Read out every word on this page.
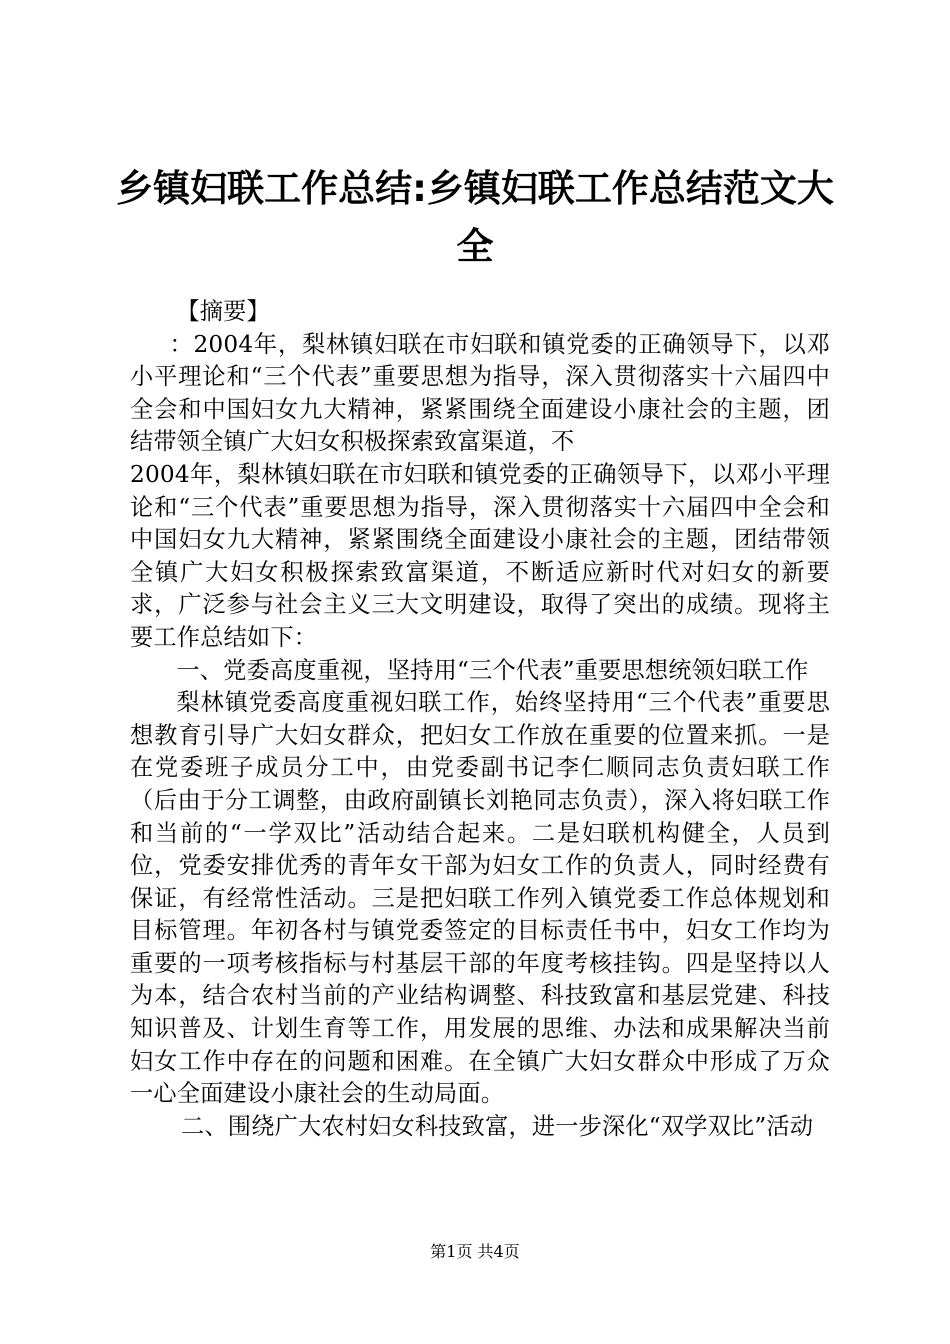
乡镇妇联工作总结:乡镇妇联工作总结范文大全

【摘要】

：2004年，梨林镇妇联在市妇联和镇党委的正确领导下，以邓小平理论和“三个代表”重要思想为指导，深入贯彻落实十六届四中全会和中国妇女九大精神，紧紧围绕全面建设小康社会的主题，团结带领全镇广大妇女积极探索致富渠道，不

2004年，梨林镇妇联在市妇联和镇党委的正确领导下，以邓小平理论和“三个代表”重要思想为指导，深入贯彻落实十六届四中全会和中国妇女九大精神，紧紧围绕全面建设小康社会的主题，团结带领全镇广大妇女积极探索致富渠道，不断适应新时代对妇女的新要求，广泛参与社会主义三大文明建设，取得了突出的成绩。现将主要工作总结如下：

一、党委高度重视，坚持用“三个代表”重要思想统领妇联工作

梨林镇党委高度重视妇联工作，始终坚持用“三个代表”重要思想教育引导广大妇女群众，把妇女工作放在重要的位置来抓。一是在党委班子成员分工中，由党委副书记李仁顺同志负责妇联工作（后由于分工调整，由政府副镇长刘艳同志负责），深入将妇联工作和当前的“一学双比”活动结合起来。二是妇联机构健全，人员到位，党委安排优秀的青年女干部为妇女工作的负责人，同时经费有保证，有经常性活动。三是把妇联工作列入镇党委工作总体规划和目标管理。年初各村与镇党委签定的目标责任书中，妇女工作均为重要的一项考核指标与村基层干部的年度考核挂钩。四是坚持以人为本，结合农村当前的产业结构调整、科技致富和基层党建、科技知识普及、计划生育等工作，用发展的思维、办法和成果解决当前妇女工作中存在的问题和困难。在全镇广大妇女群众中形成了万众一心全面建设小康社会的生动局面。

二、围绕广大农村妇女科技致富，进一步深化“双学双比”活动

第1页 共4页
